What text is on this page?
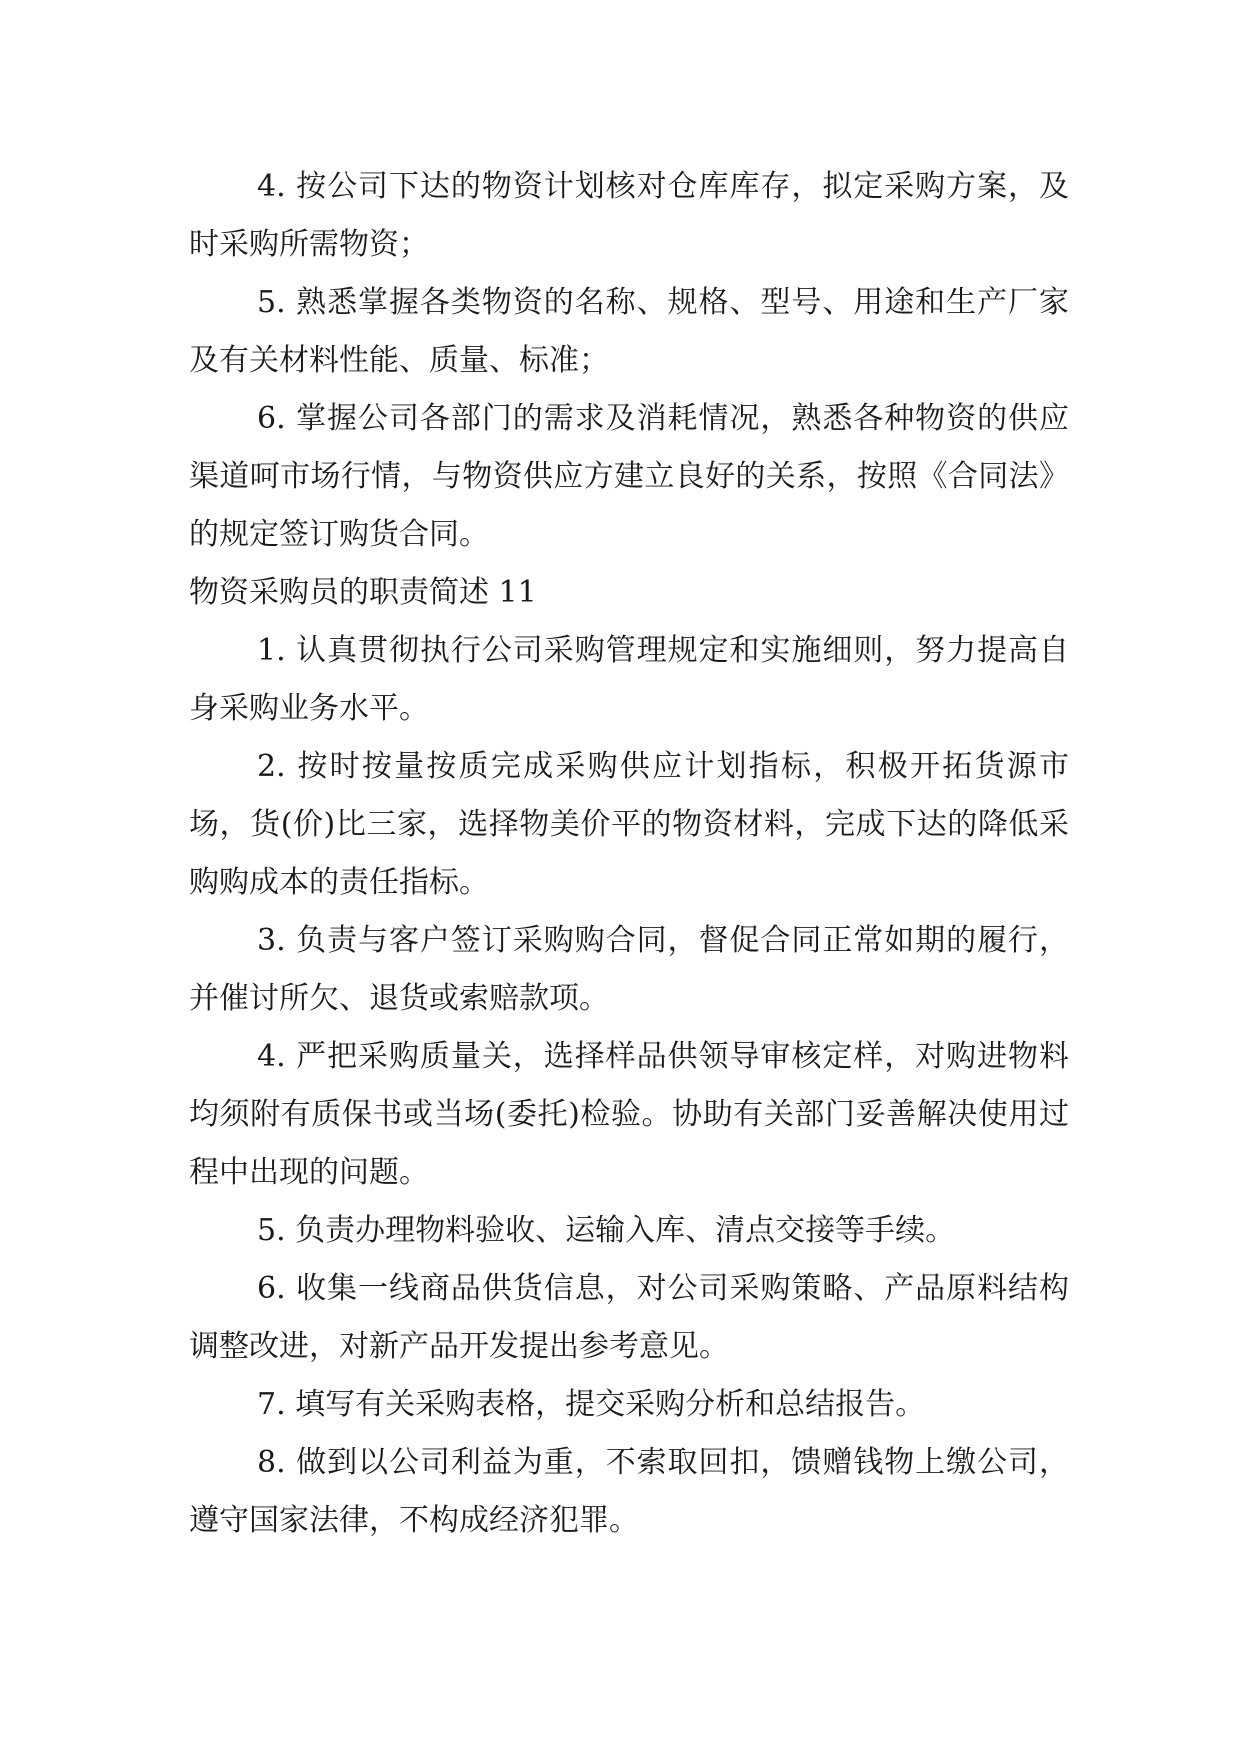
4. 按公司下达的物资计划核对仓库库存，拟定采购方案，及时采购所需物资；

5. 熟悉掌握各类物资的名称、规格、型号、用途和生产厂家及有关材料性能、质量、标准；

6. 掌握公司各部门的需求及消耗情况，熟悉各种物资的供应渠道呵市场行情，与物资供应方建立良好的关系，按照《合同法》的规定签订购货合同。

物资采购员的职责简述 11

1. 认真贯彻执行公司采购管理规定和实施细则，努力提高自身采购业务水平。

2. 按时按量按质完成采购供应计划指标，积极开拓货源市场，货(价)比三家，选择物美价平的物资材料，完成下达的降低采购购成本的责任指标。

3. 负责与客户签订采购购合同，督促合同正常如期的履行，并催讨所欠、退货或索赔款项。

4. 严把采购质量关，选择样品供领导审核定样，对购进物料均须附有质保书或当场(委托)检验。协助有关部门妥善解决使用过程中出现的问题。

5. 负责办理物料验收、运输入库、清点交接等手续。

6. 收集一线商品供货信息，对公司采购策略、产品原料结构调整改进，对新产品开发提出参考意见。

7. 填写有关采购表格，提交采购分析和总结报告。

8. 做到以公司利益为重，不索取回扣，馈赠钱物上缴公司，遵守国家法律，不构成经济犯罪。
